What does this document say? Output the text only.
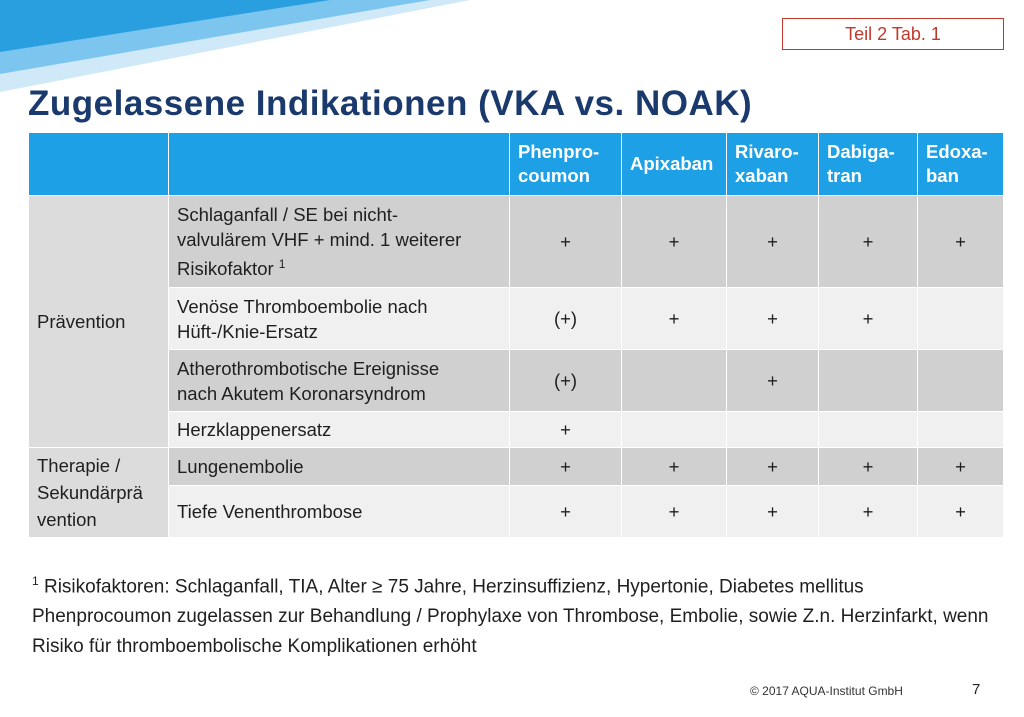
Teil 2 Tab. 1
Zugelassene Indikationen (VKA vs. NOAK)
		Phenpro-
coumon	Apixaban	Rivaro-
xaban	Dabiga-
tran	Edoxa-
ban
Prävention	Schlaganfall / SE bei nicht-
valvulärem VHF + mind. 1 weiterer
Risikofaktor $^1$	+	+	+	+	+
	Venöse Thromboembolie nach
Hüft-/Knie-Ersatz	(+)	+	+	+	
	Atherothrombotische Ereignisse
nach Akutem Koronarsyndrom	(+)		+		
	Herzklappenersatz	+				
Therapie /
Sekundärprä
vention	Lungenembolie	+	+	+	+	+
	Tiefe Venenthrombose	+	+	+	+	+
$^1$ Risikofaktoren: Schlaganfall, TIA, Alter ≥ 75 Jahre, Herzinsuffizienz, Hypertonie, Diabetes mellitus
Phenprocoumon zugelassen zur Behandlung / Prophylaxe von Thrombose, Embolie, sowie Z.n. Herzinfarkt, wenn Risiko für thromboembolische Komplikationen erhöht
© 2017 AQUA-Institut GmbH	7
